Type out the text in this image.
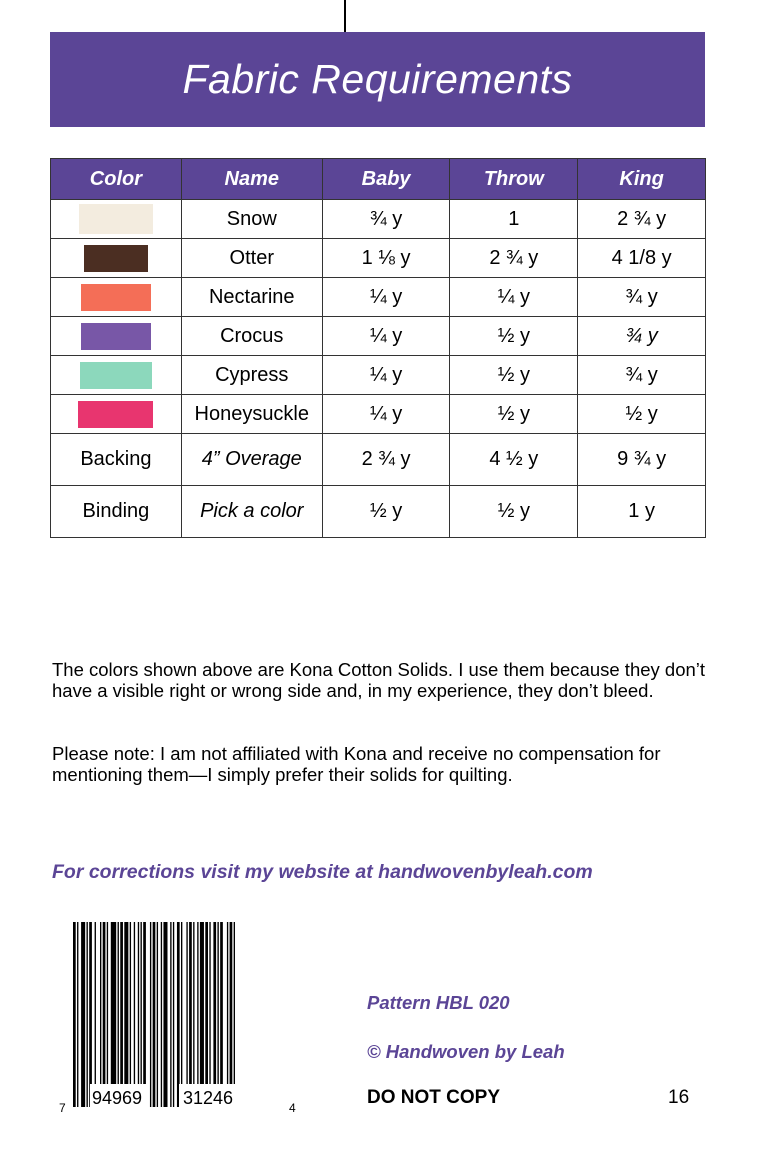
Fabric Requirements
Color	Name	Baby	Throw	King
	Snow	¾ y	1	2 ¾ y
	Otter	1 ⅛ y	2 ¾ y	4 1/8 y
	Nectarine	¼ y	¼ y	¾ y
	Crocus	¼ y	½ y	¾ y
	Cypress	¼ y	½ y	¾ y
	Honeysuckle	¼ y	½ y	½ y
Backing	4” Overage	2 ¾ y	4 ½ y	9 ¾ y
Binding	Pick a color	½ y	½ y	1 y

The colors shown above are Kona Cotton Solids. I use them because they don’t have a visible right or wrong side and, in my experience, they don’t bleed.

Please note: I am not affiliated with Kona and receive no compensation for mentioning them—I simply prefer their solids for quilting.

For corrections visit my website at handwovenbyleah.com

7 94969 31246	4

Pattern HBL 020

© Handwoven by Leah

DO NOT COPY	16
